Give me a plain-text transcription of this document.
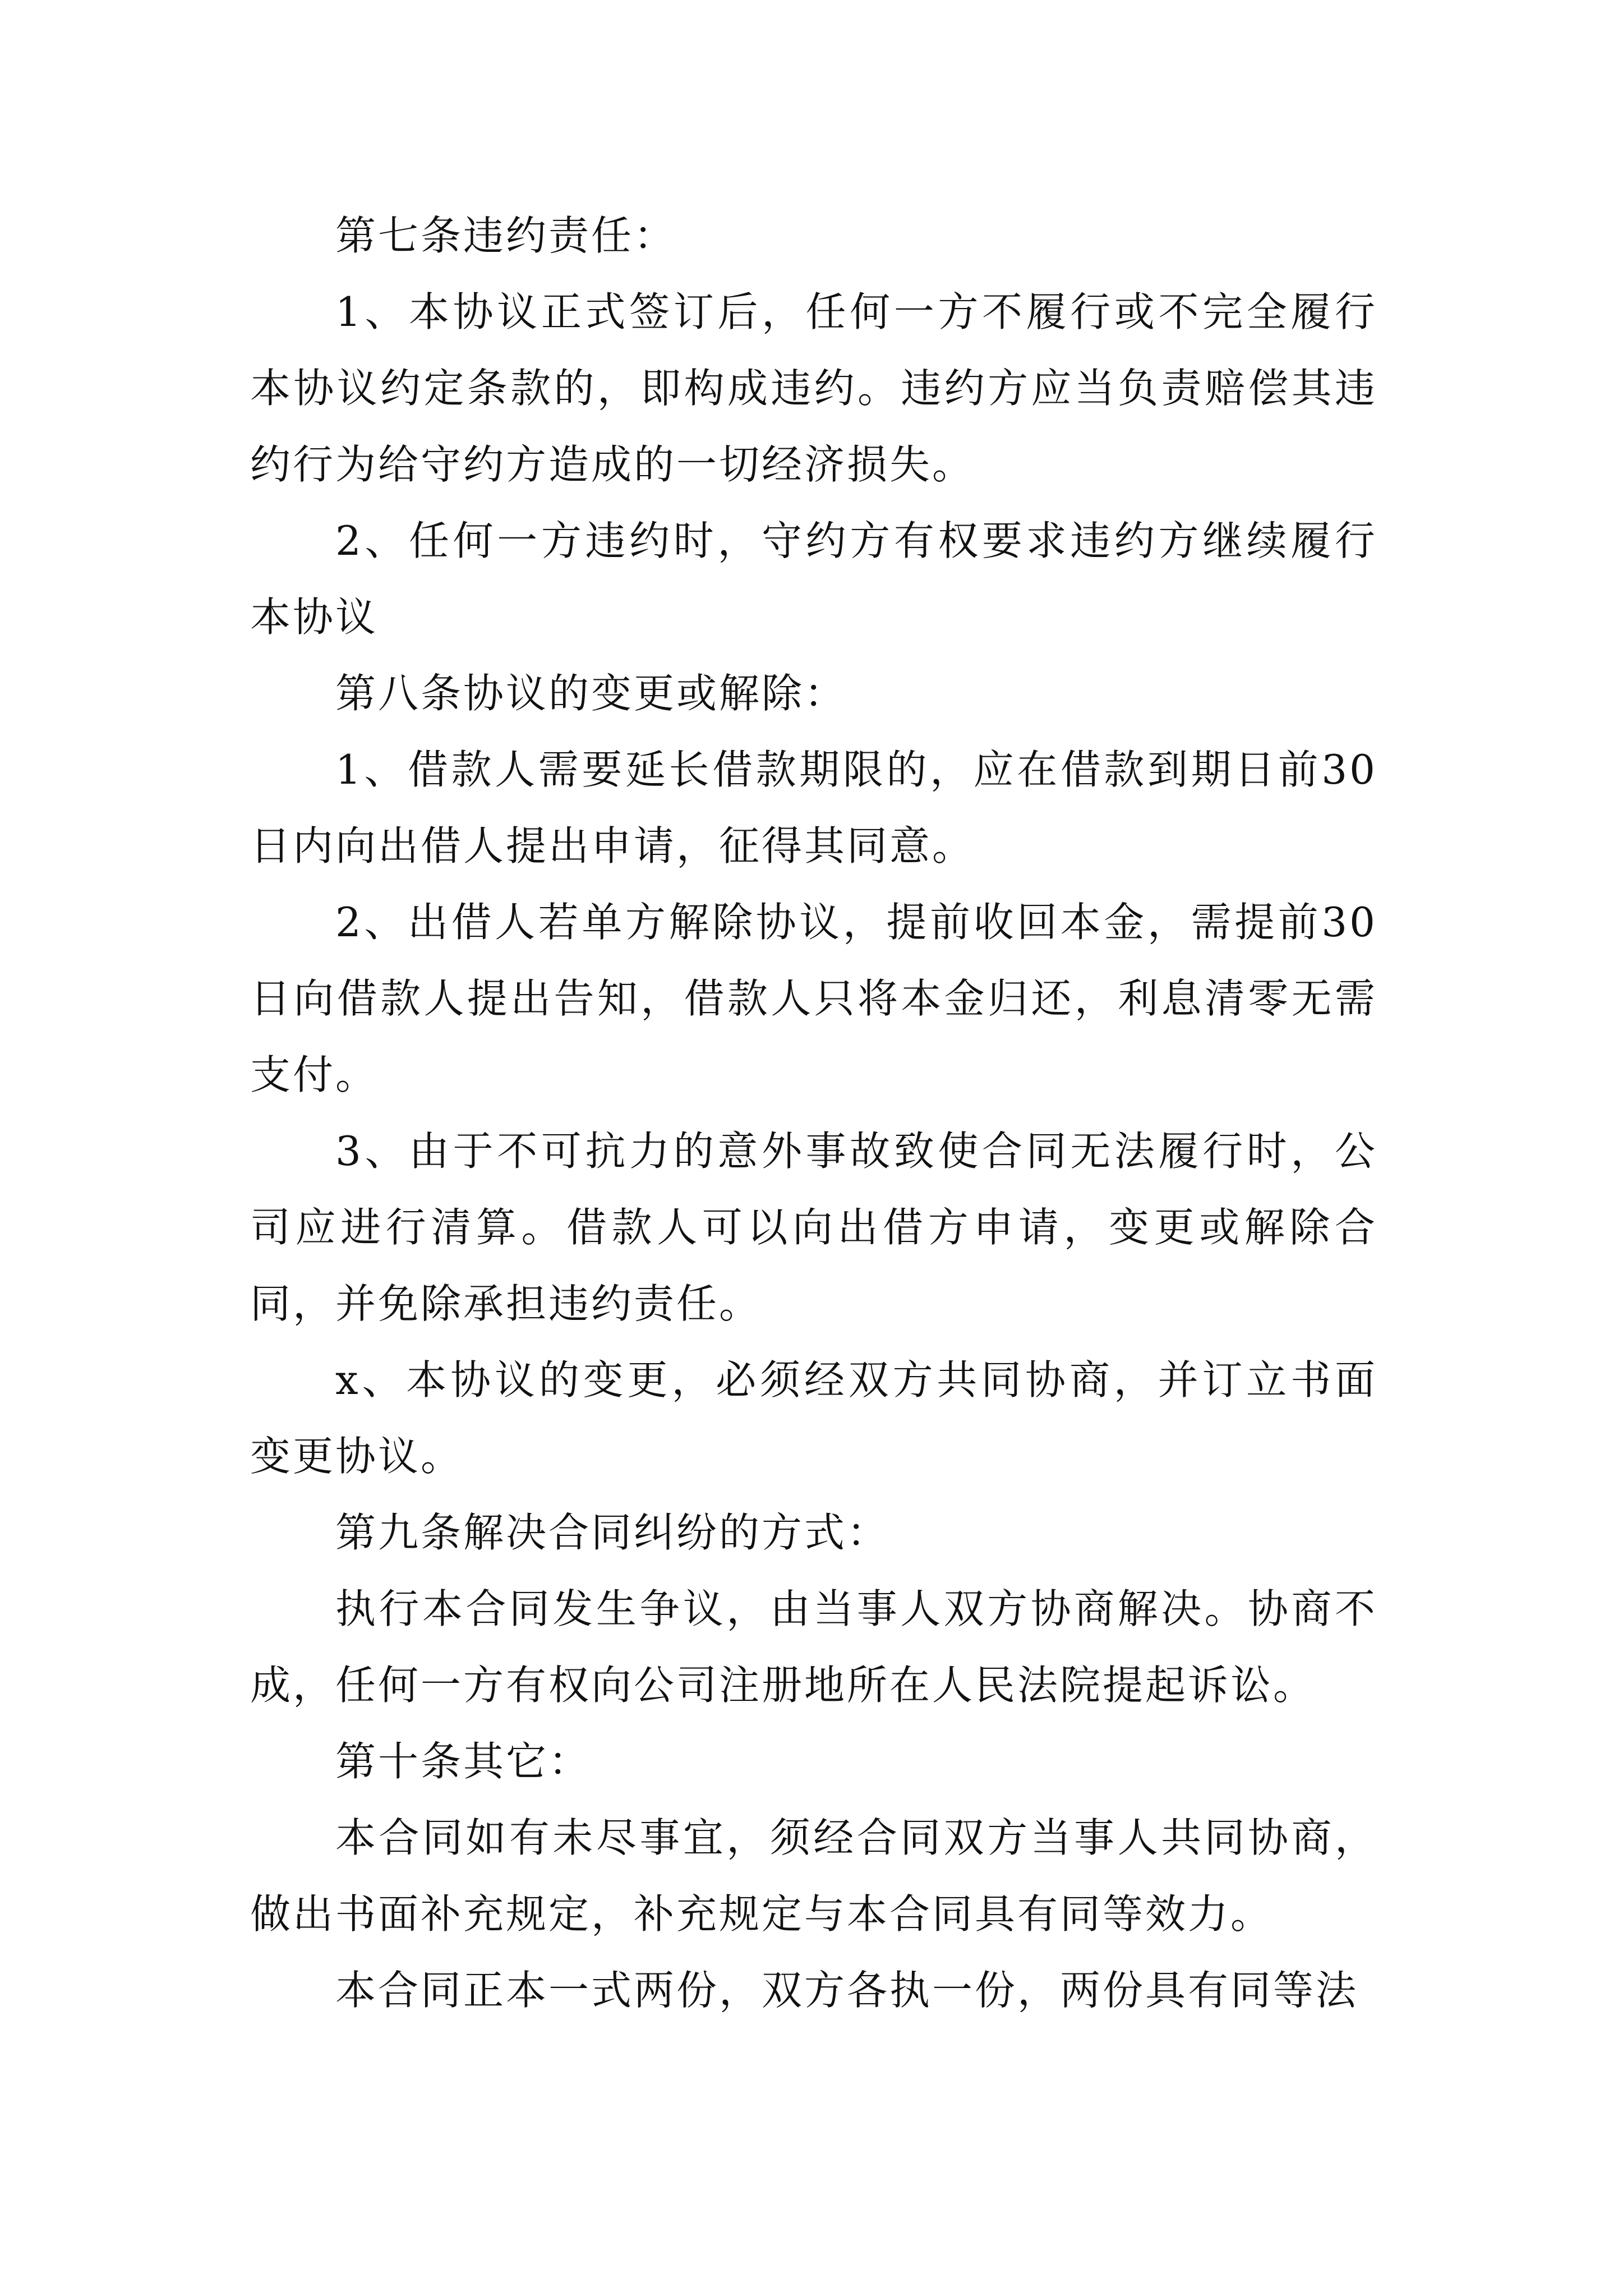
第七条违约责任：

1、本协议正式签订后，任何一方不履行或不完全履行本协议约定条款的，即构成违约。违约方应当负责赔偿其违约行为给守约方造成的一切经济损失。

2、任何一方违约时，守约方有权要求违约方继续履行本协议

第八条协议的变更或解除：

1、借款人需要延长借款期限的，应在借款到期日前30日内向出借人提出申请，征得其同意。

2、出借人若单方解除协议，提前收回本金，需提前30日向借款人提出告知，借款人只将本金归还，利息清零无需支付。

3、由于不可抗力的意外事故致使合同无法履行时，公司应进行清算。借款人可以向出借方申请，变更或解除合同，并免除承担违约责任。

x、本协议的变更，必须经双方共同协商，并订立书面变更协议。

第九条解决合同纠纷的方式：

执行本合同发生争议，由当事人双方协商解决。协商不成，任何一方有权向公司注册地所在人民法院提起诉讼。

第十条其它：

本合同如有未尽事宜，须经合同双方当事人共同协商，做出书面补充规定，补充规定与本合同具有同等效力。

本合同正本一式两份，双方各执一份，两份具有同等法
